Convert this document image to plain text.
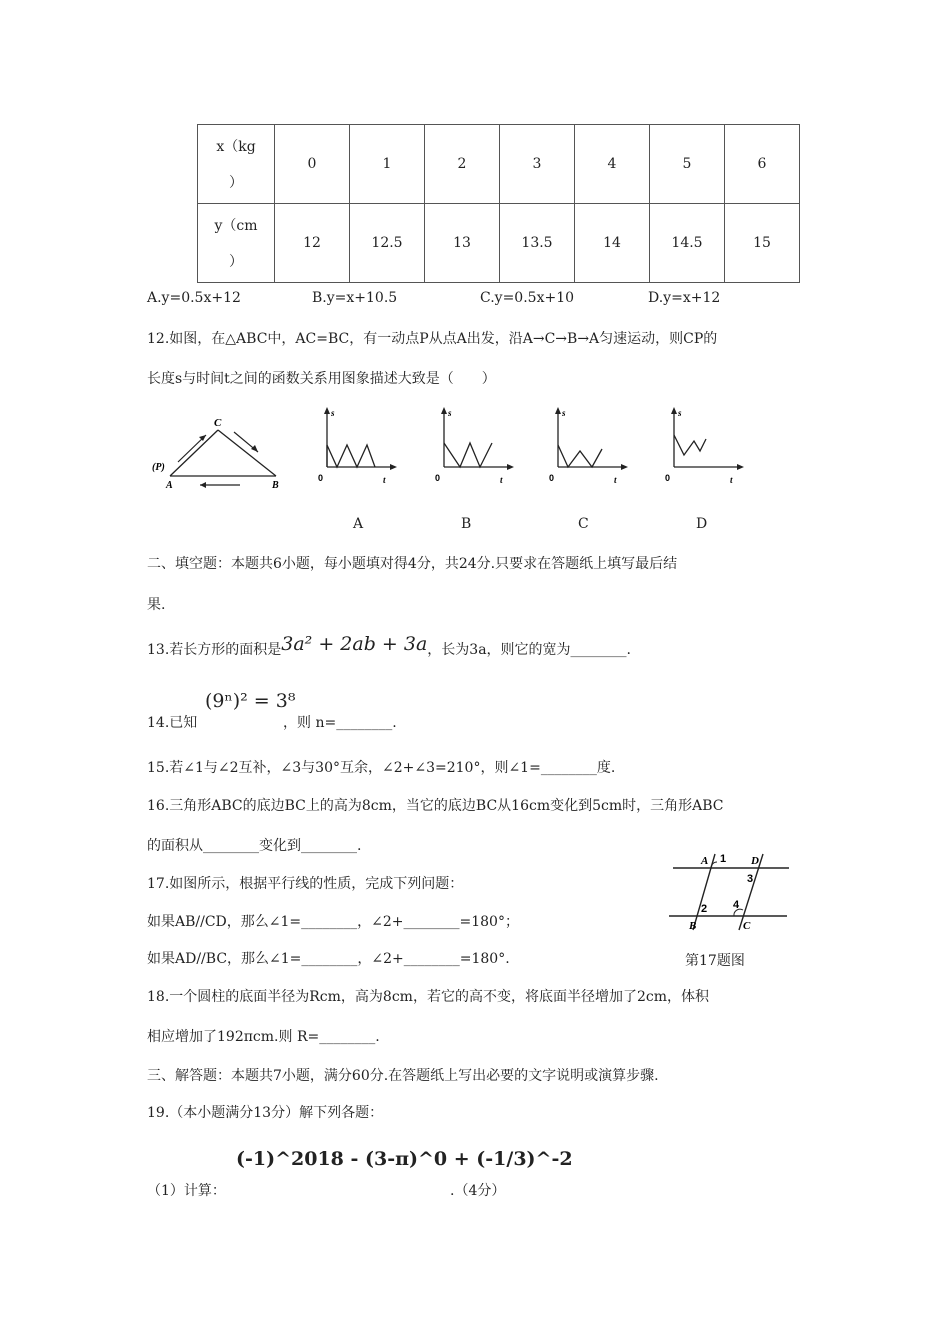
x（kg

）	0	1	2	3	4	5	6
y（cm

）	12	12.5	13	13.5	14	14.5	15
A.y=0.5x+12	B.y=x+10.5	C.y=0.5x+10	D.y=x+12
12.如图，在△ABC中，AC=BC，有一动点P从点A出发，沿A→C→B→A匀速运动，则CP的
长度s与时间t之间的函数关系用图象描述大致是（　　）
(P)
A
C
B
s
0	t
s
0	t
s
0	t
s
0	t
A	B	C	D
二、填空题：本题共6小题，每小题填对得4分，共24分.只要求在答题纸上填写最后结
果.
13.若长方形的面积是3a² + 2ab + 3a，长为3a，则它的宽为________.
14.已知
(9ⁿ)² = 3⁸
，则 n=________.
15.若∠1与∠2互补，∠3与30°互余，∠2+∠3=210°，则∠1=________度.
16.三角形ABC的底边BC上的高为8cm，当它的底边BC从16cm变化到5cm时，三角形ABC
的面积从________变化到________.
17.如图所示，根据平行线的性质，完成下列问题：
如果AB//CD，那么∠1=________，∠2+________=180°；
如果AD//BC，那么∠1=________，∠2+________=180°.
A 1 D
3
2 4
B	C
第17题图
18.一个圆柱的底面半径为Rcm，高为8cm，若它的高不变，将底面半径增加了2cm，体积
相应增加了192πcm.则 R=________.
三、解答题：本题共7小题，满分60分.在答题纸上写出必要的文字说明或演算步骤.
19.（本小题满分13分）解下列各题：
（1）计算：
(-1)^2018 - (3-π)^0 + (-1/3)^-2
.（4分）
